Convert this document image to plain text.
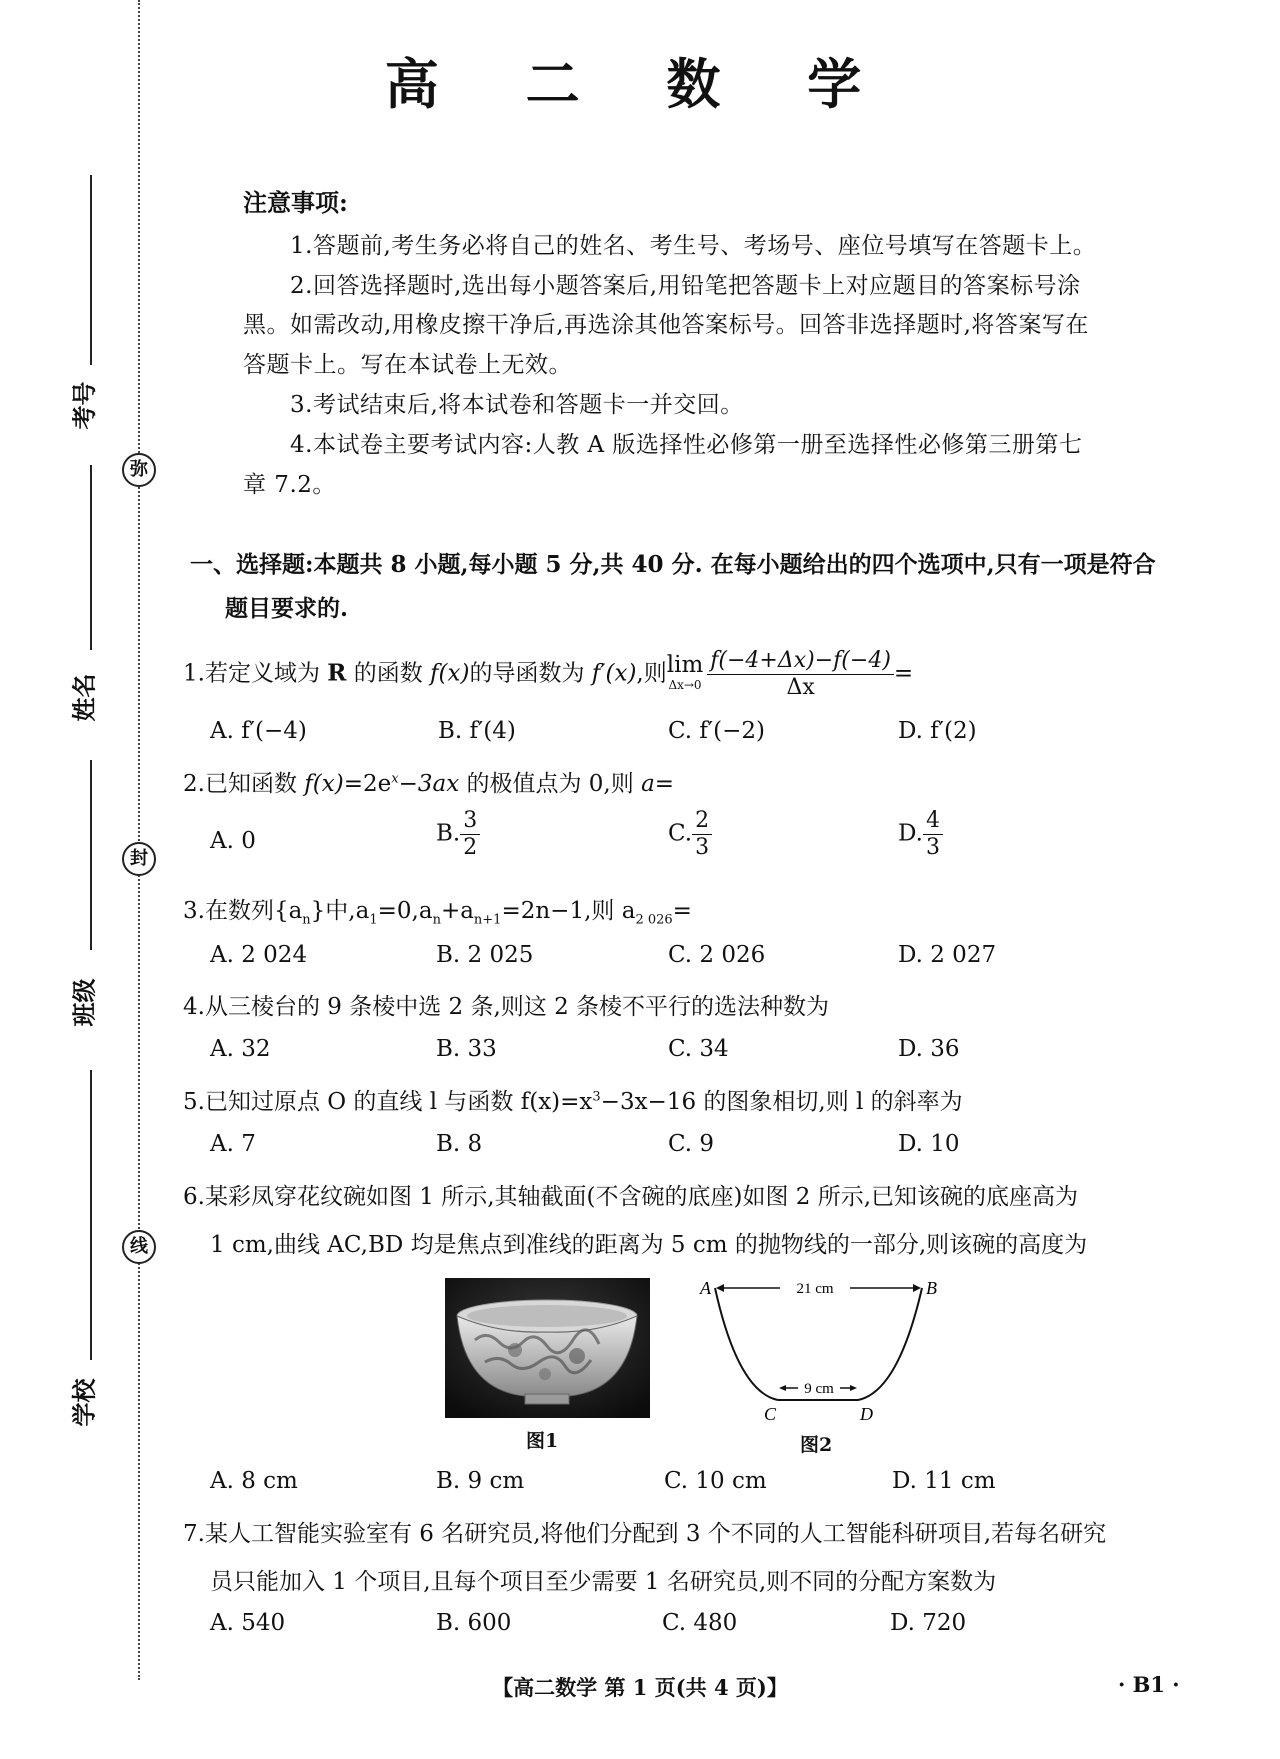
弥
封
线
考号
姓名
班级
学校
高 二 数 学
注意事项:
1.答题前,考生务必将自己的姓名、考生号、考场号、座位号填写在答题卡上。
2.回答选择题时,选出每小题答案后,用铅笔把答题卡上对应题目的答案标号涂
黑。如需改动,用橡皮擦干净后,再选涂其他答案标号。回答非选择题时,将答案写在
答题卡上。写在本试卷上无效。
3.考试结束后,将本试卷和答题卡一并交回。
4.本试卷主要考试内容:人教 A 版选择性必修第一册至选择性必修第三册第七
章 7.2。
一、选择题:本题共 8 小题,每小题 5 分,共 40 分. 在每小题给出的四个选项中,只有一项是符合
题目要求的.
1.若定义域为 R 的函数 f(x)的导函数为 f′(x),则 lim
$\Delta x\to 0 \frac{f(-4+\Delta x)-f(-4)}{\Delta x}$ =
A. f′(−4)	B. f′(4)	C. f′(−2)	D. f′(2)
2.已知函数 $f(x)=2e^x-3ax$ 的极值点为 0,则 a=
A. 0	B. $\frac{3}{2}$	C. $\frac{2}{3}$	D. $\frac{4}{3}$
3.在数列$\{a_n\}$中$,a_1=0,a_n+a_{n+1}=2n-1$,则 $a_{2 026}=$
A. 2 024	B. 2 025	C. 2 026	D. 2 027
4.从三棱台的 9 条棱中选 2 条,则这 2 条棱不平行的选法种数为
A. 32	B. 33	C. 34	D. 36
5.已知过原点 O 的直线 l 与函数 $f(x)=x^3-3x-16$ 的图象相切,则 l 的斜率为
A. 7	B. 8	C. 9	D. 10
6.某彩凤穿花纹碗如图 1 所示,其轴截面(不含碗的底座)如图 2 所示,已知该碗的底座高为
1 cm,曲线 AC,BD 均是焦点到准线的距离为 5 cm 的抛物线的一部分,则该碗的高度为
图1
A	B
C	D
21 cm
9 cm
图2
A. 8 cm	B. 9 cm	C. 10 cm	D. 11 cm
7.某人工智能实验室有 6 名研究员,将他们分配到 3 个不同的人工智能科研项目,若每名研究
员只能加入 1 个项目,且每个项目至少需要 1 名研究员,则不同的分配方案数为
A. 540	B. 600	C. 480	D. 720
【高二数学 第 1 页(共 4 页)】	· B1 ·
